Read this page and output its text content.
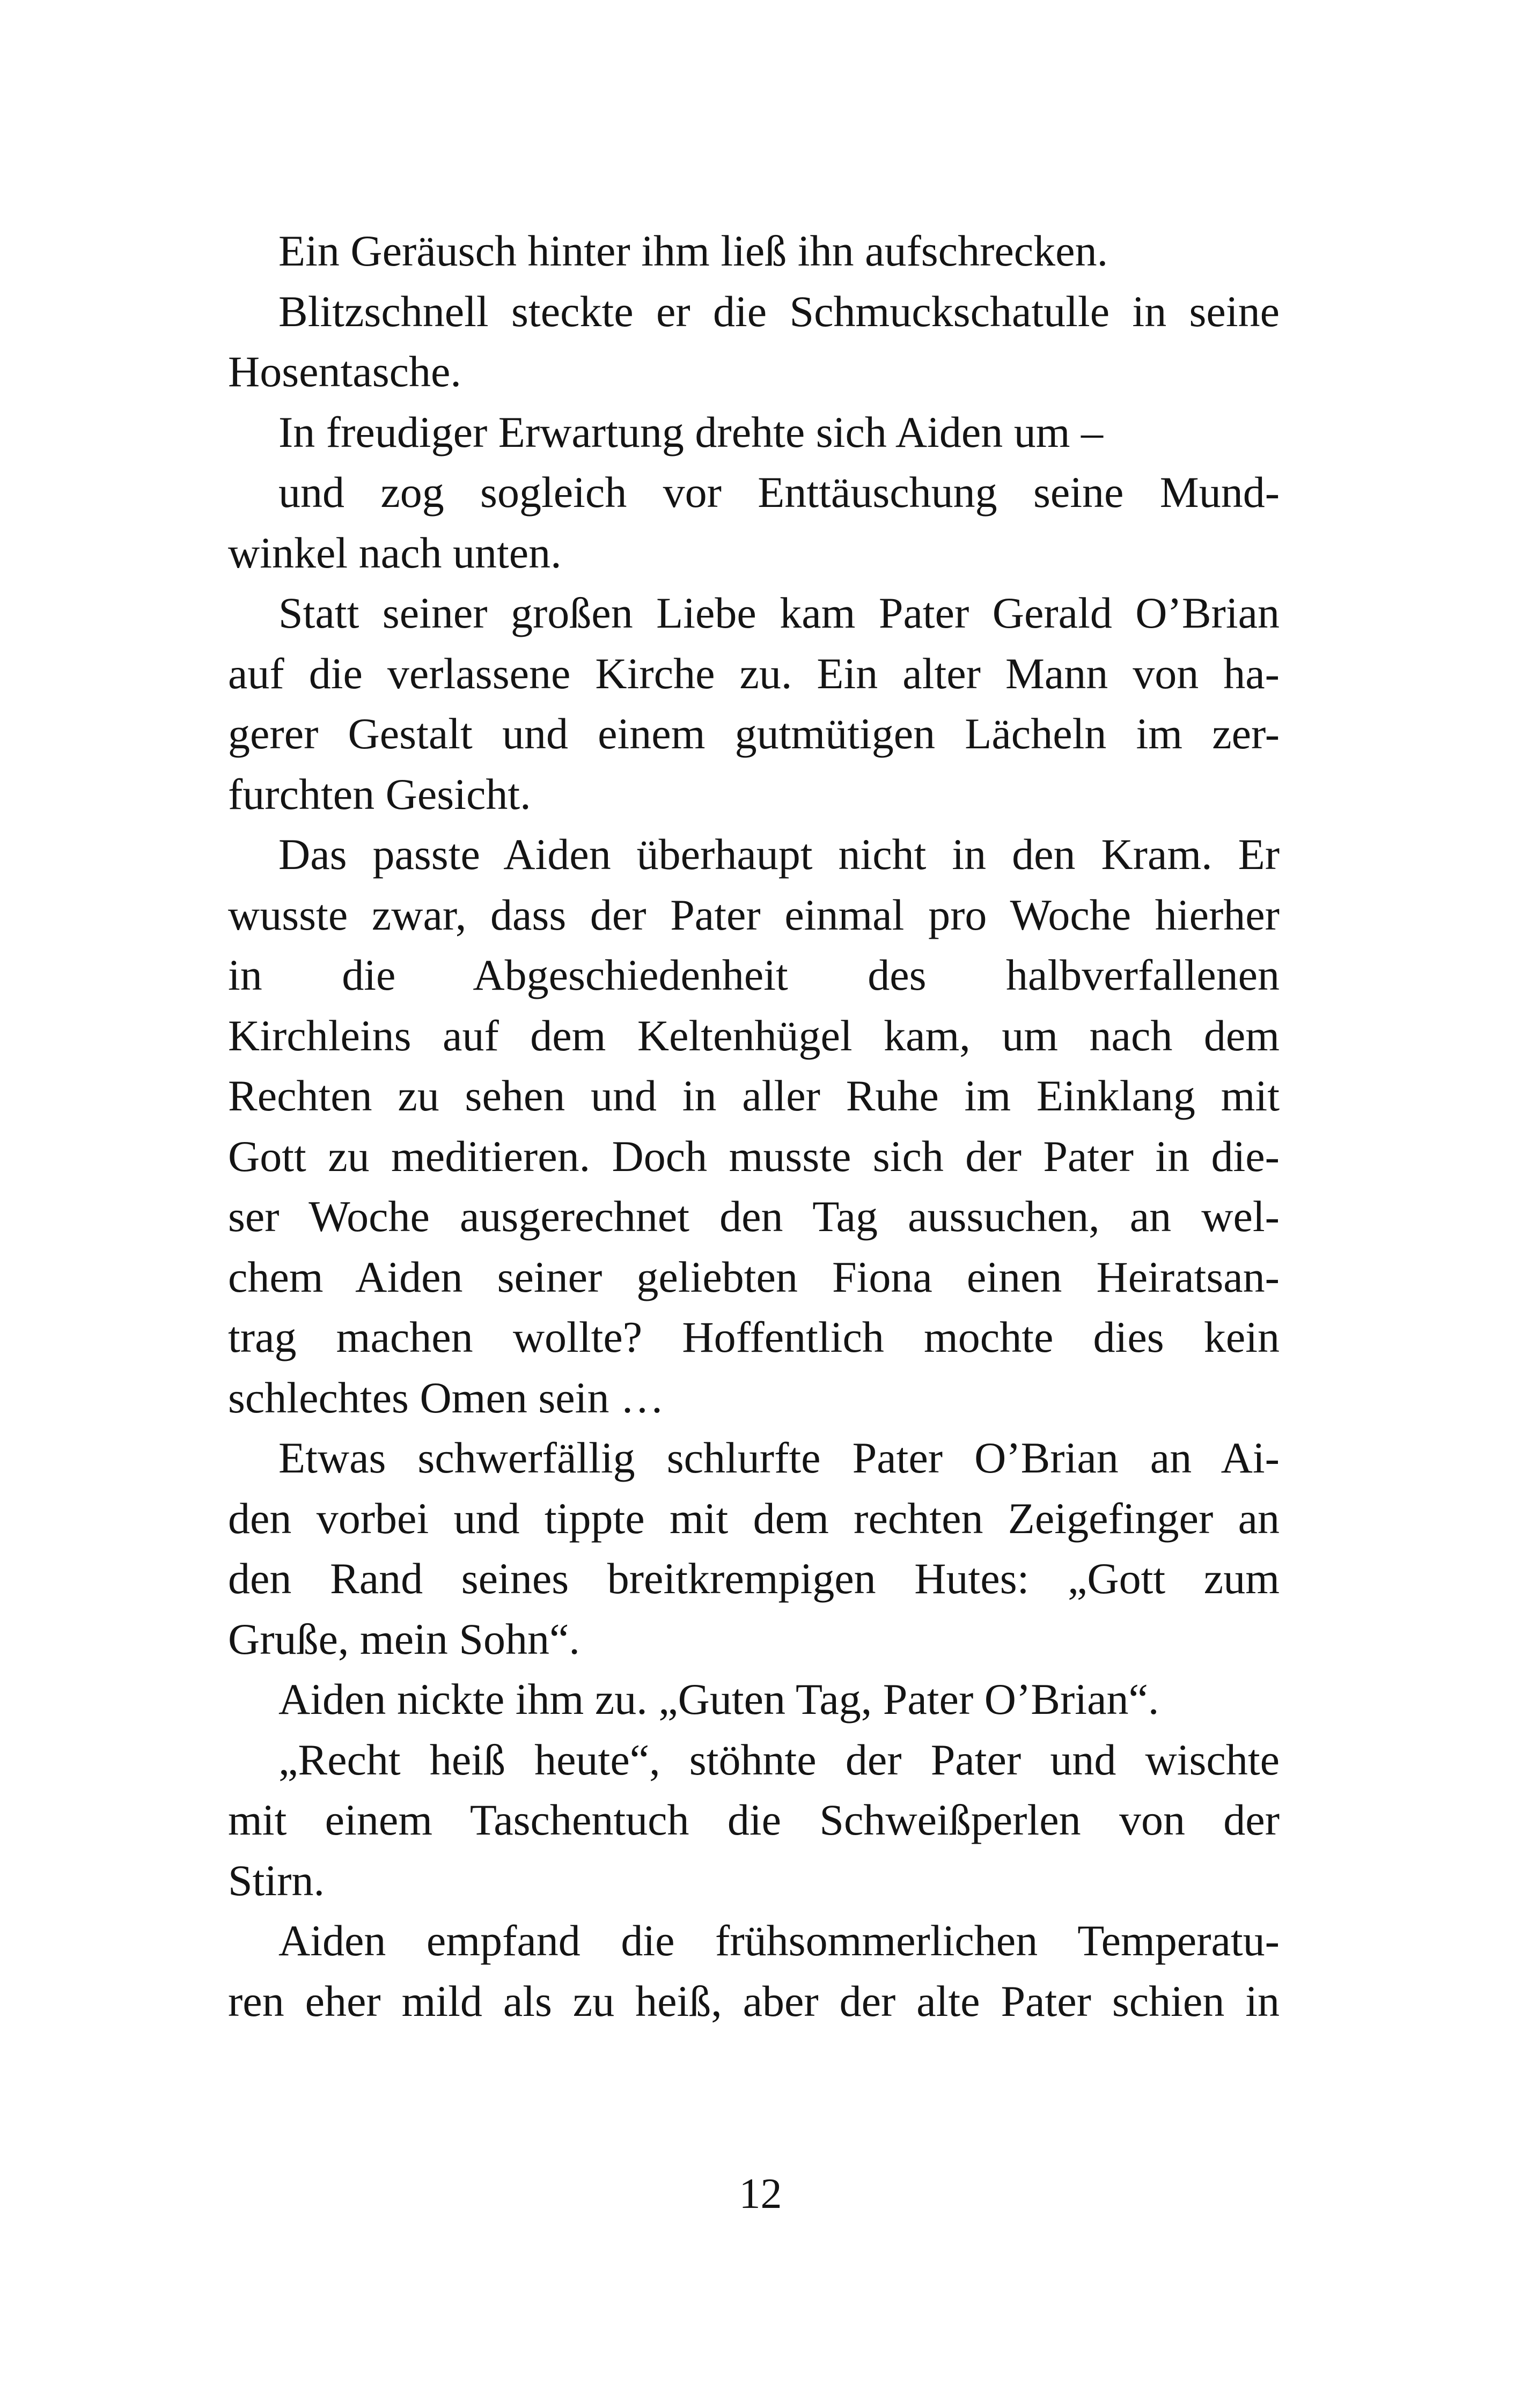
Ein Geräusch hinter ihm ließ ihn aufschrecken.
Blitzschnell steckte er die Schmuckschatulle in seine
Hosentasche.
In freudiger Erwartung drehte sich Aiden um –
und zog sogleich vor Enttäuschung seine Mund-
winkel nach unten.
Statt seiner großen Liebe kam Pater Gerald O’Brian
auf die verlassene Kirche zu. Ein alter Mann von ha-
gerer Gestalt und einem gutmütigen Lächeln im zer-
furchten Gesicht.
Das passte Aiden überhaupt nicht in den Kram. Er
wusste zwar, dass der Pater einmal pro Woche hierher
in die Abgeschiedenheit des halbverfallenen
Kirchleins auf dem Keltenhügel kam, um nach dem
Rechten zu sehen und in aller Ruhe im Einklang mit
Gott zu meditieren. Doch musste sich der Pater in die-
ser Woche ausgerechnet den Tag aussuchen, an wel-
chem Aiden seiner geliebten Fiona einen Heiratsan-
trag machen wollte? Hoffentlich mochte dies kein
schlechtes Omen sein …
Etwas schwerfällig schlurfte Pater O’Brian an Ai-
den vorbei und tippte mit dem rechten Zeigefinger an
den Rand seines breitkrempigen Hutes: „Gott zum
Gruße, mein Sohn“.
Aiden nickte ihm zu. „Guten Tag, Pater O’Brian“.
„Recht heiß heute“, stöhnte der Pater und wischte
mit einem Taschentuch die Schweißperlen von der
Stirn.
Aiden empfand die frühsommerlichen Temperatu-
ren eher mild als zu heiß, aber der alte Pater schien in
12
